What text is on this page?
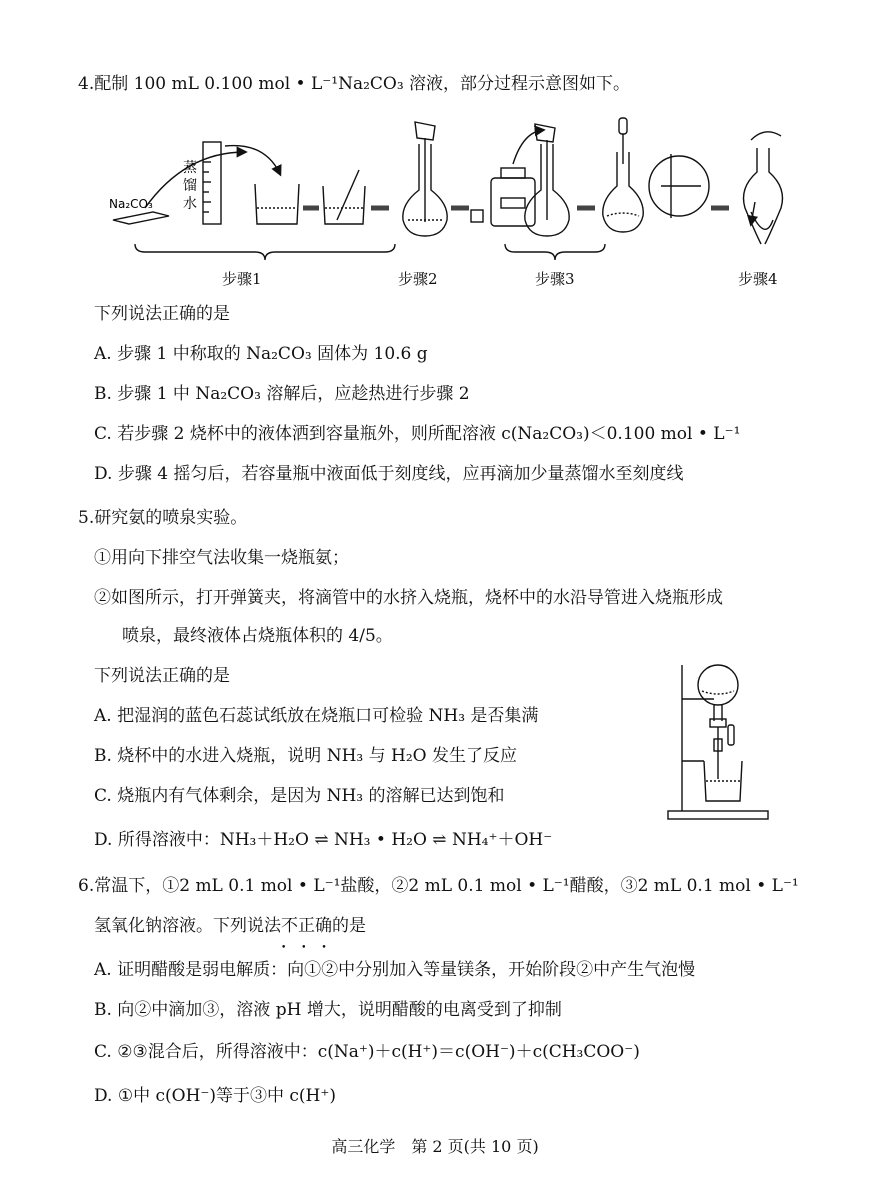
4.配制 100 mL 0.100 mol • L⁻¹Na₂CO₃ 溶液，部分过程示意图如下。
Na₂CO₃
蒸
馏
水
步骤1	步骤2	步骤3	步骤4
下列说法正确的是
A. 步骤 1 中称取的 Na₂CO₃ 固体为 10.6 g
B. 步骤 1 中 Na₂CO₃ 溶解后，应趁热进行步骤 2
C. 若步骤 2 烧杯中的液体洒到容量瓶外，则所配溶液 c(Na₂CO₃)＜0.100 mol • L⁻¹
D. 步骤 4 摇匀后，若容量瓶中液面低于刻度线，应再滴加少量蒸馏水至刻度线
5.研究氨的喷泉实验。
①用向下排空气法收集一烧瓶氨；
②如图所示，打开弹簧夹，将滴管中的水挤入烧瓶，烧杯中的水沿导管进入烧瓶形成
喷泉，最终液体占烧瓶体积的 4/5。
下列说法正确的是
A. 把湿润的蓝色石蕊试纸放在烧瓶口可检验 NH₃ 是否集满
B. 烧杯中的水进入烧瓶，说明 NH₃ 与 H₂O 发生了反应
C. 烧瓶内有气体剩余，是因为 NH₃ 的溶解已达到饱和
D. 所得溶液中：NH₃＋H₂O ⇌ NH₃ • H₂O ⇌ NH₄⁺＋OH⁻
6.常温下，①2 mL 0.1 mol • L⁻¹盐酸，②2 mL 0.1 mol • L⁻¹醋酸，③2 mL 0.1 mol • L⁻¹
氢氧化钠溶液。下列说法不正确 • • •的是
A. 证明醋酸是弱电解质：向①②中分别加入等量镁条，开始阶段②中产生气泡慢
B. 向②中滴加③，溶液 pH 增大，说明醋酸的电离受到了抑制
C. ②③混合后，所得溶液中：c(Na⁺)＋c(H⁺)＝c(OH⁻)＋c(CH₃COO⁻)
D. ①中 c(OH⁻)等于③中 c(H⁺)
高三化学　第 2 页(共 10 页)
